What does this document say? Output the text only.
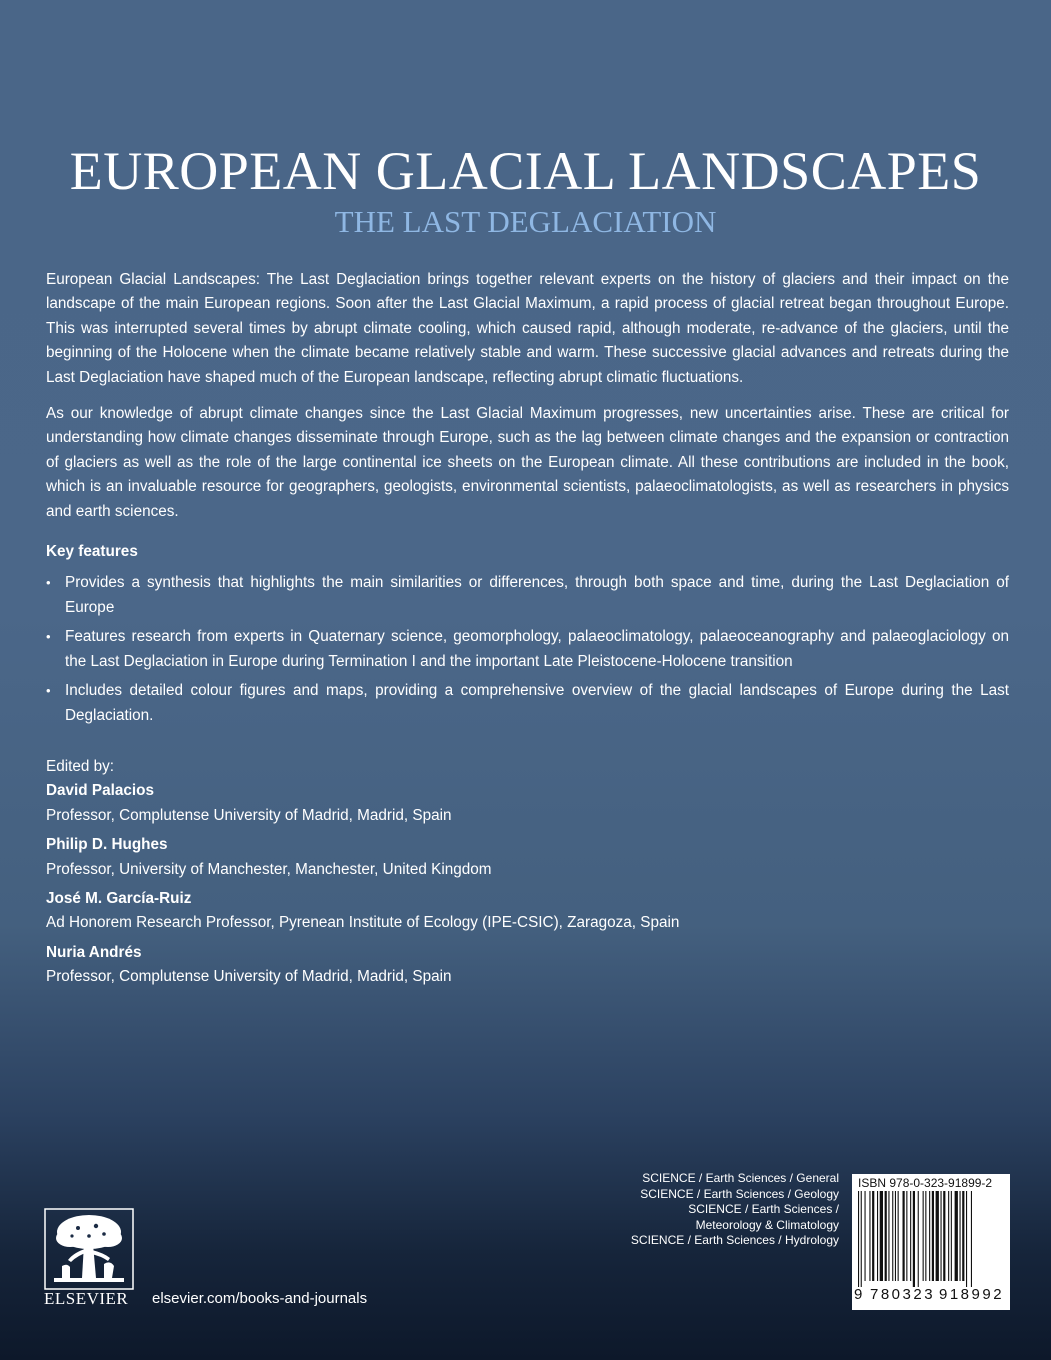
EUROPEAN GLACIAL LANDSCAPES
THE LAST DEGLACIATION

European Glacial Landscapes: The Last Deglaciation brings together relevant experts on the history of glaciers and their impact on the landscape of the main European regions. Soon after the Last Glacial Maximum, a rapid process of glacial retreat began throughout Europe. This was interrupted several times by abrupt climate cooling, which caused rapid, although moderate, re-advance of the glaciers, until the beginning of the Holocene when the climate became relatively stable and warm. These successive glacial advances and retreats during the Last Deglaciation have shaped much of the European landscape, reflecting abrupt climatic fluctuations.

As our knowledge of abrupt climate changes since the Last Glacial Maximum progresses, new uncertainties arise. These are critical for understanding how climate changes disseminate through Europe, such as the lag between climate changes and the expansion or contraction of glaciers as well as the role of the large continental ice sheets on the European climate. All these contributions are included in the book, which is an invaluable resource for geographers, geologists, environmental scientists, palaeoclimatologists, as well as researchers in physics and earth sciences.

Key features
• Provides a synthesis that highlights the main similarities or differences, through both space and time, during the Last Deglaciation of Europe
• Features research from experts in Quaternary science, geomorphology, palaeoclimatology, palaeoceanography and palaeoglaciology on the Last Deglaciation in Europe during Termination I and the important Late Pleistocene-Holocene transition
• Includes detailed colour figures and maps, providing a comprehensive overview of the glacial landscapes of Europe during the Last Deglaciation.
Edited by:
David Palacios
Professor, Complutense University of Madrid, Madrid, Spain
Philip D. Hughes
Professor, University of Manchester, Manchester, United Kingdom
José M. García-Ruiz
Ad Honorem Research Professor, Pyrenean Institute of Ecology (IPE-CSIC), Zaragoza, Spain
Nuria Andrés
Professor, Complutense University of Madrid, Madrid, Spain
ELSEVIER elsevier.com/books-and-journals
SCIENCE / Earth Sciences / General
SCIENCE / Earth Sciences / Geology
SCIENCE / Earth Sciences /
Meteorology & Climatology
SCIENCE / Earth Sciences / Hydrology
ISBN 978-0-323-91899-2
9 780323 918992
